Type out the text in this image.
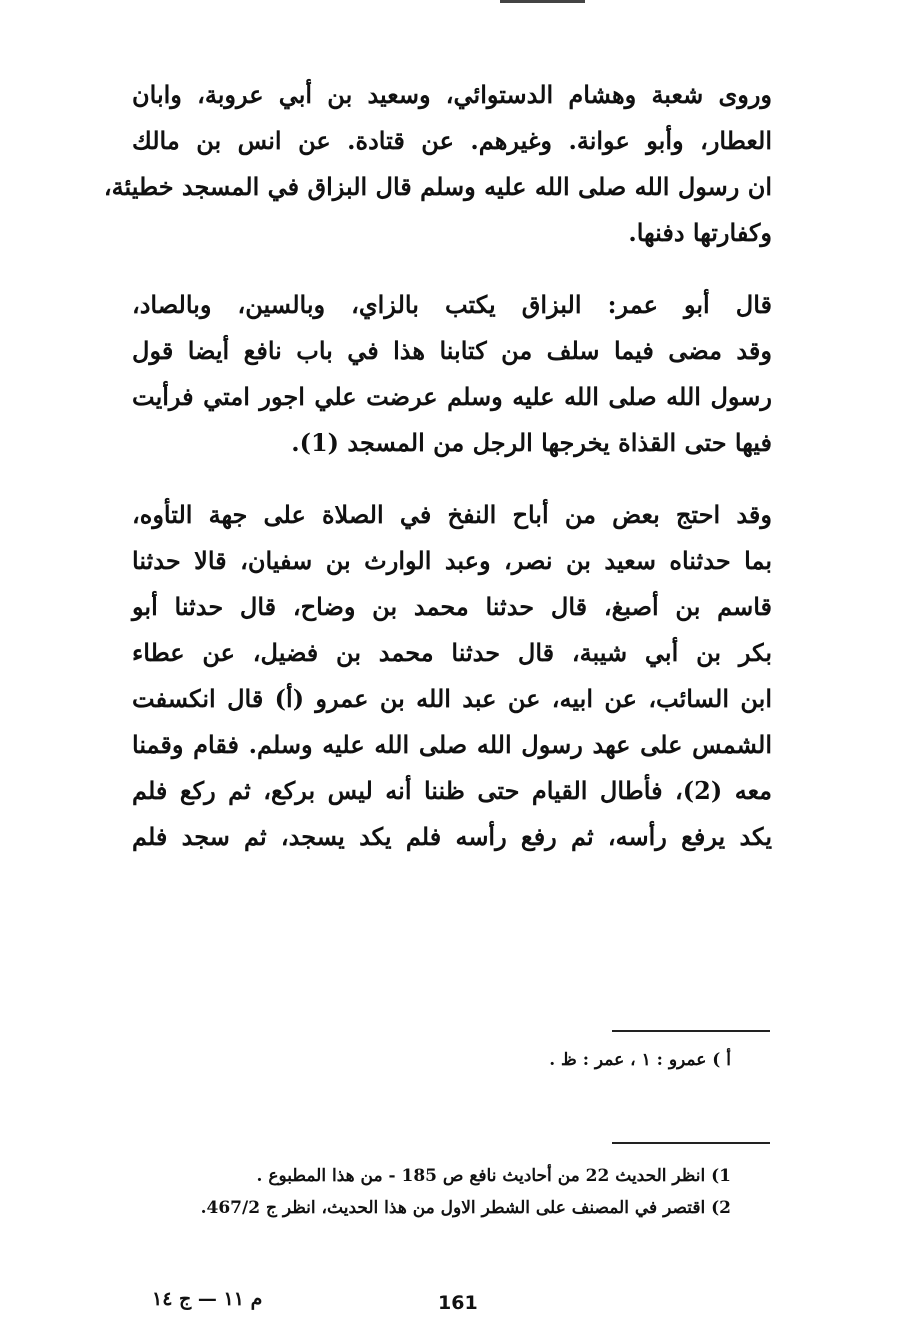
وروى شعبة وهشام الدستوائي، وسعيد بن أبي عروبة، وابان
العطار، وأبو عوانة. وغيرهم. عن قتادة. عن انس بن مالك
ان رسول الله صلى الله عليه وسلم قال البزاق في المسجد خطيئة،
وكفارتها دفنها.
قال أبو عمر: البزاق يكتب بالزاي، وبالسين، وبالصاد،
وقد مضى فيما سلف من كتابنا هذا في باب نافع أيضا قول
رسول الله صلى الله عليه وسلم عرضت علي اجور امتي فرأيت
فيها حتى القذاة يخرجها الرجل من المسجد (1).
وقد احتج بعض من أباح النفخ في الصلاة على جهة التأوه،
بما حدثناه سعيد بن نصر، وعبد الوارث بن سفيان، قالا حدثنا
قاسم بن أصبغ، قال حدثنا محمد بن وضاح، قال حدثنا أبو
بكر بن أبي شيبة، قال حدثنا محمد بن فضيل، عن عطاء
ابن السائب، عن ابيه، عن عبد الله بن عمرو (أ) قال انكسفت
الشمس على عهد رسول الله صلى الله عليه وسلم. فقام وقمنا
معه (2)، فأطال القيام حتى ظننا أنه ليس بركع، ثم ركع فلم
يكد يرفع رأسه، ثم رفع رأسه فلم يكد يسجد، ثم سجد فلم
أ ) عمرو : ١ ، عمر : ظ .
1) انظر الحديث 22 من أحاديث نافع ص 185 - من هذا المطبوع .
2) اقتصر في المصنف على الشطر الاول من هذا الحديث، انظر ج 467/2.
161
م ١١ — ج ١٤
